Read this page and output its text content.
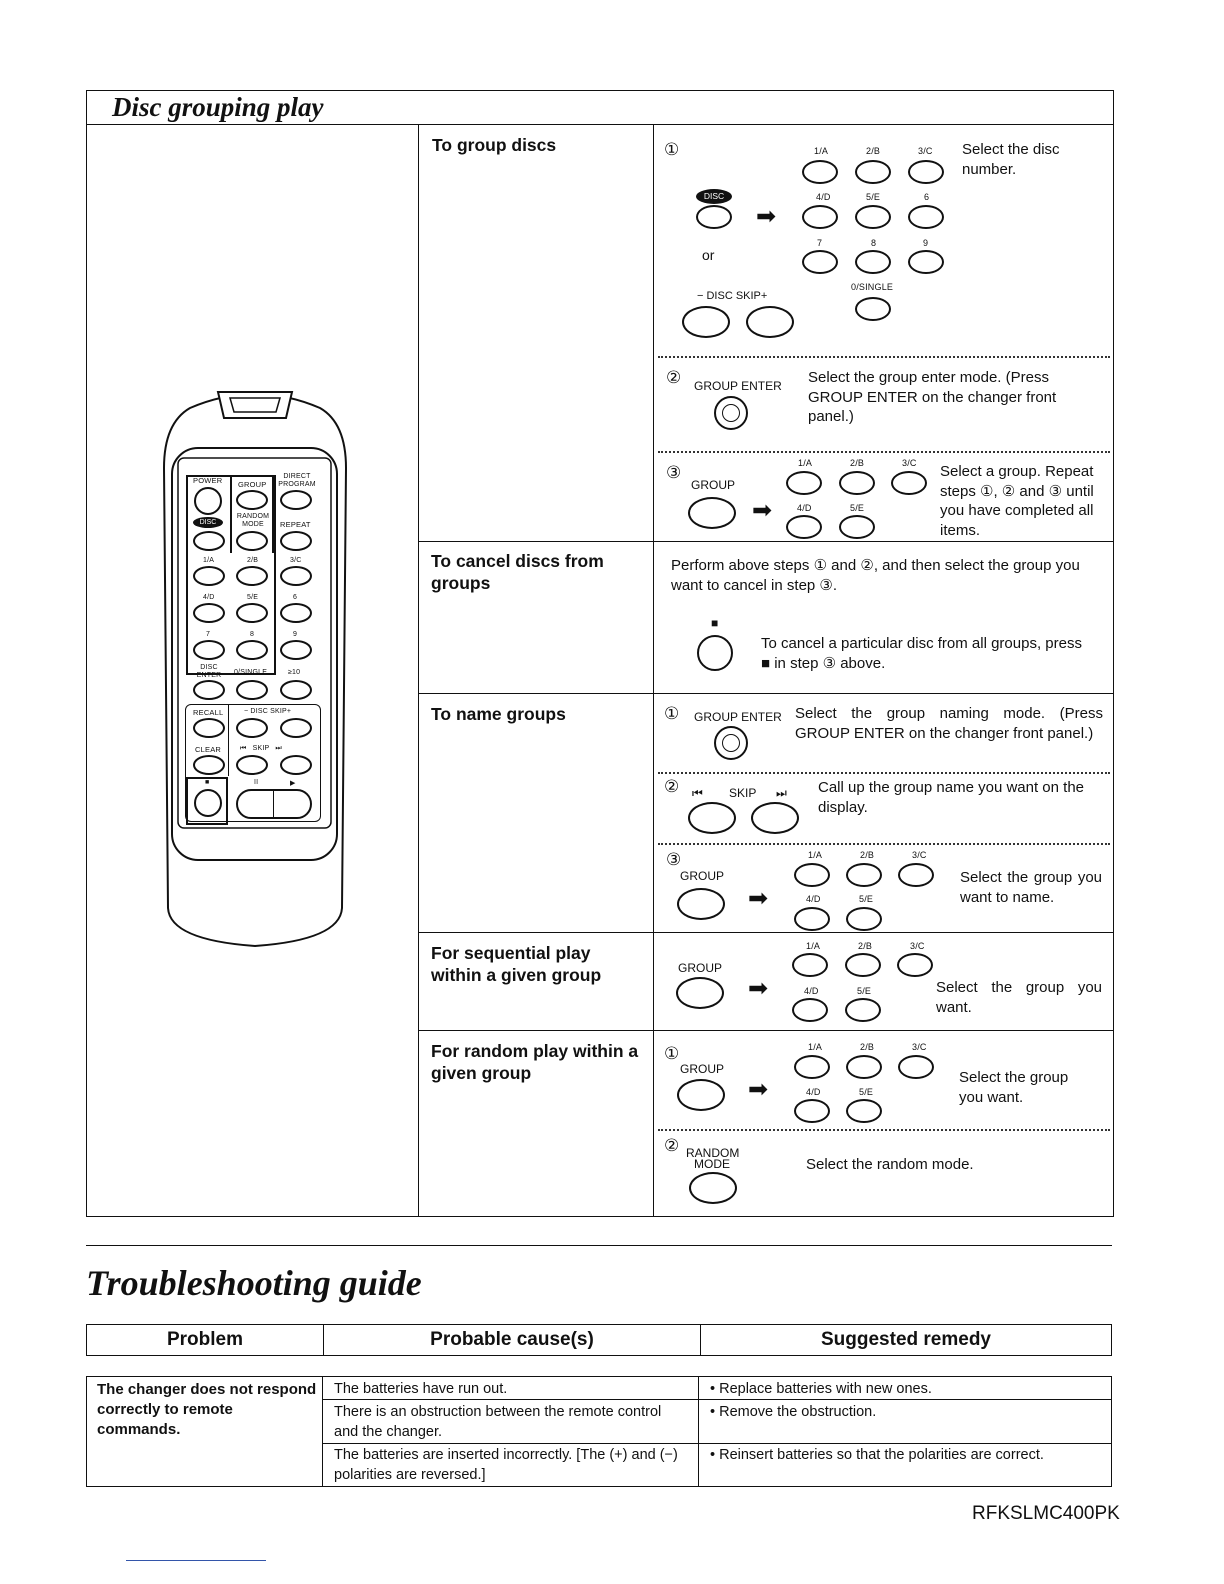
Disc grouping play
POWER GROUP
DIRECT PROGRAM
DISC
RANDOM MODE	REPEAT
1/A	2/B	3/C
4/D	5/E	6
7	8	9
DISC ENTER	0/SINGLE	≥10
RECALL	− DISC SKIP+
CLEAR	⏮ SKIP ⏭
■	II	▶
To group discs	①	1/A	2/B	3/C Select the disc number.
DISC
➡
4/D	5/E	6
or
7	8	9
− DISC SKIP+
0/SINGLE
② GROUP ENTER Select the group enter mode. (Press GROUP ENTER on the changer front panel.)
③
GROUP
➡
1/A	2/B	3/C
4/D	5/E
Select a group. Repeat steps ①, ② and ③ until you have completed all items.
To cancel discs from groups
Perform above steps ① and ②, and then select the group you want to cancel in step ③.
■
To cancel a particular disc from all groups, press ■ in step ③ above.
To name groups	① GROUP ENTER Select the group naming mode. (Press GROUP ENTER on the changer front panel.)
② ⏮ SKIP ⏭ Call up the group name you want on the display.
③
GROUP
➡
1/A	2/B	3/C
4/D	5/E
Select the group you want to name.
For sequential play within a given group	GROUP
➡
1/A	2/B	3/C
4/D	5/E	Select the group you want.
For random play within a given group
①
GROUP
➡
1/A	2/B	3/C
4/D	5/E
Select the group you want.
② RANDOM
MODE	Select the random mode.
Troubleshooting guide
Problem	Probable cause(s)	Suggested remedy
The changer does not respond correctly to remote commands.
The batteries have run out.	• Replace batteries with new ones.
There is an obstruction between the remote control and the changer.
• Remove the obstruction.
The batteries are inserted incorrectly. [The (+) and (−) polarities are reversed.]
• Reinsert batteries so that the polarities are correct.
RFKSLMC400PK
